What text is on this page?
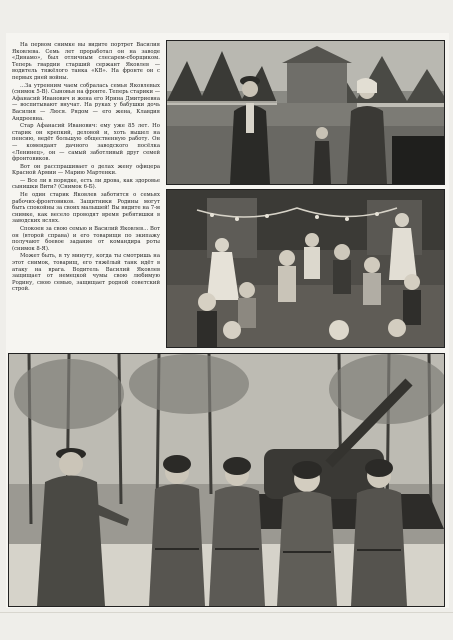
На первом снимке вы видите портрет Василия Яковлева. Семь лет проработал он на заводе «Динамо», был отличным слесарем-сборщиком. Теперь гвардии старший сержант Яковлев — водитель тяжёлого танка «КВ». На фронте он с первых дней войны.

...За утренним чаем собралась семья Яковлевых (снимок 5-В). Сыновья на фронте. Теперь старики — Афанасий Иванович и жена его Ирина Дмитриевна — воспитывают внучат. На руках у бабушки дочь Василия — Люся. Рядом — его жена, Клавдия Андреевна.

Стар Афанасий Иванович: ему уже 85 лет. Но старик он крепкий, деловой и, хоть вышел на пенсию, ведёт большую общественную работу. Он — комендант дачного заводского посёлка «Ленинец», он — самый заботливый друг семей фронтовиков.

Вот он расспрашивает о делах жену офицера Красной Армии — Марию Мартенки.

— Все ли в порядке, есть ли дрова, как здоровье сынишки Вити? (Снимок 6-Б).

Не один старик Яковлев заботится о семьях рабочих-фронтовиков. Защитники Родины могут быть спокойны за своих малышей! Вы видите на 7-м снимке, как весело проводят время ребятишки в заводских яслях.

Спокоен за свою семью и Василий Яковлев... Вот он (второй справа) и его товарищи по экипажу получают боевое задание от командира роты (снимок 8-Я).

Может быть, в ту минуту, когда ты смотришь на этот снимок, товарищ, его тяжёлый танк идёт в атаку на врага. Водитель Василий Яковлев защищает от немецкой чумы свою любимую Родину, свою семью, защищает родной советский строй.
